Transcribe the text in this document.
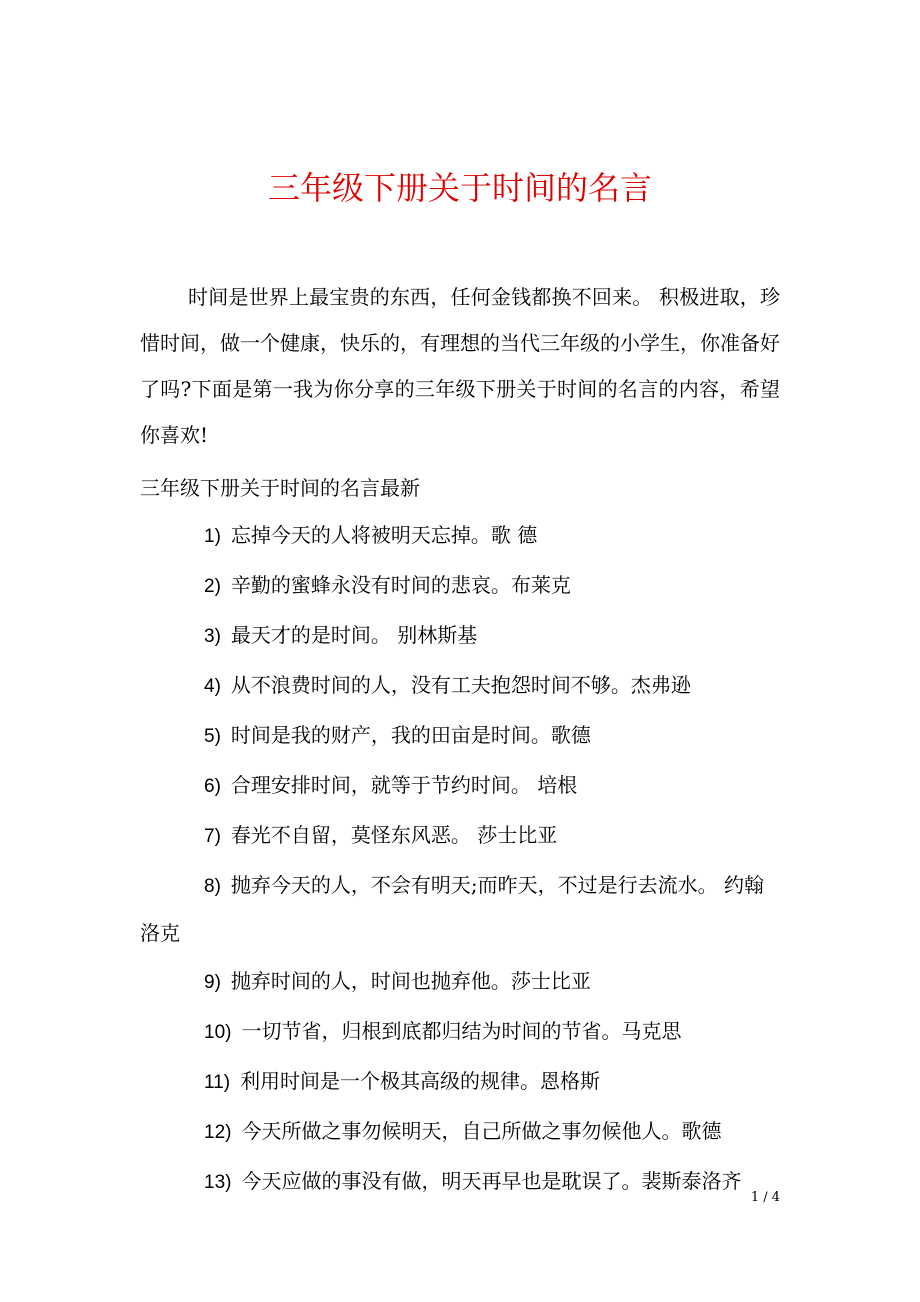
三年级下册关于时间的名言

时间是世界上最宝贵的东西，任何金钱都换不回来。 积极进取，珍惜时间，做一个健康，快乐的，有理想的当代三年级的小学生，你准备好了吗?下面是第一我为你分享的三年级下册关于时间的名言的内容，希望你喜欢!

三年级下册关于时间的名言最新
1) 忘掉今天的人将被明天忘掉。歌 德
2) 辛勤的蜜蜂永没有时间的悲哀。布莱克
3) 最天才的是时间。 别林斯基
4) 从不浪费时间的人，没有工夫抱怨时间不够。杰弗逊
5) 时间是我的财产，我的田亩是时间。歌德
6) 合理安排时间，就等于节约时间。 培根
7) 春光不自留，莫怪东风恶。 莎士比亚
8) 抛弃今天的人，不会有明天;而昨天，不过是行去流水。 约翰 洛克
9) 抛弃时间的人，时间也抛弃他。莎士比亚
10) 一切节省，归根到底都归结为时间的节省。马克思
11) 利用时间是一个极其高级的规律。恩格斯
12) 今天所做之事勿候明天，自己所做之事勿候他人。歌德
13) 今天应做的事没有做，明天再早也是耽误了。裴斯泰洛齐
1 / 4
